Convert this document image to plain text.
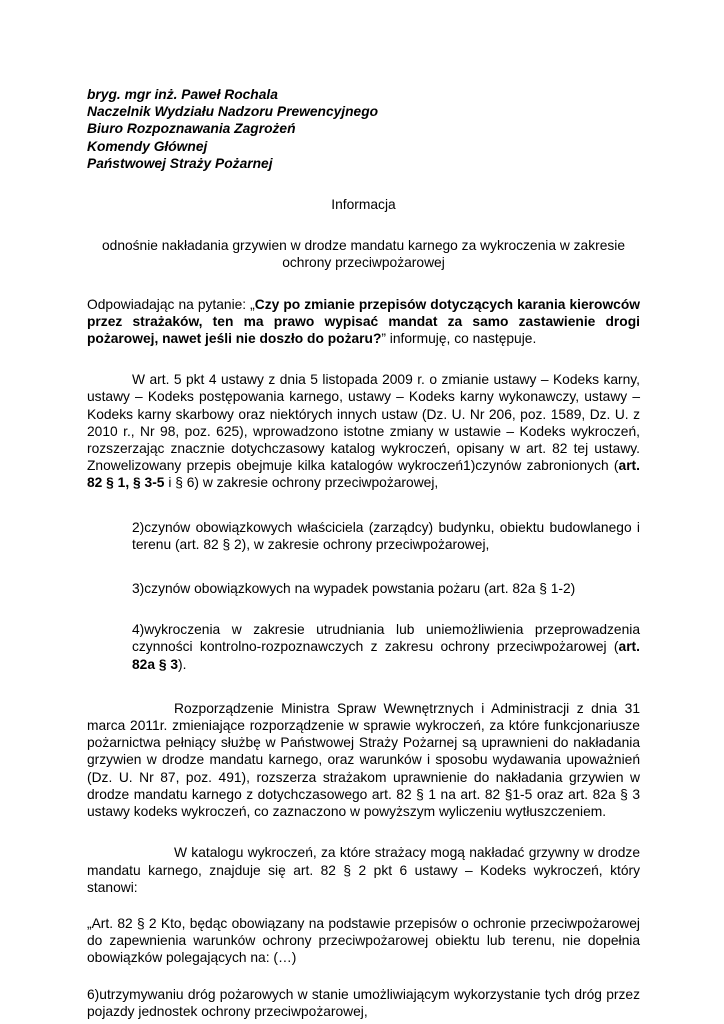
bryg. mgr inż. Paweł Rochala

Naczelnik Wydziału Nadzoru Prewencyjnego

Biuro Rozpoznawania Zagrożeń

Komendy Głównej

Państwowej Straży Pożarnej

Informacja

odnośnie nakładania grzywien w drodze mandatu karnego za wykroczenia w zakresie ochrony przeciwpożarowej

Odpowiadając na pytanie: „Czy po zmianie przepisów dotyczących karania kierowców przez strażaków, ten ma prawo wypisać mandat za samo zastawienie drogi pożarowej, nawet jeśli nie doszło do pożaru?” informuję, co następuje.

W art. 5 pkt 4 ustawy z dnia 5 listopada 2009 r. o zmianie ustawy – Kodeks karny, ustawy – Kodeks postępowania karnego, ustawy – Kodeks karny wykonawczy, ustawy – Kodeks karny skarbowy oraz niektórych innych ustaw (Dz. U. Nr 206, poz. 1589, Dz. U. z 2010 r., Nr 98, poz. 625), wprowadzono istotne zmiany w ustawie – Kodeks wykroczeń, rozszerzając znacznie dotychczasowy katalog wykroczeń, opisany w art. 82 tej ustawy. Znowelizowany przepis obejmuje kilka katalogów wykroczeń1)czynów zabronionych (art. 82 § 1, § 3-5 i § 6) w zakresie ochrony przeciwpożarowej,

2)czynów obowiązkowych właściciela (zarządcy) budynku, obiektu budowlanego i terenu (art. 82 § 2), w zakresie ochrony przeciwpożarowej,

3)czynów obowiązkowych na wypadek powstania pożaru (art. 82a § 1-2)

4)wykroczenia w zakresie utrudniania lub uniemożliwienia przeprowadzenia czynności kontrolno-rozpoznawczych z zakresu ochrony przeciwpożarowej (art. 82a § 3).

Rozporządzenie Ministra Spraw Wewnętrznych i Administracji z dnia 31 marca 2011r. zmieniające rozporządzenie w sprawie wykroczeń, za które funkcjonariusze pożarnictwa pełniący służbę w Państwowej Straży Pożarnej są uprawnieni do nakładania grzywien w drodze mandatu karnego, oraz warunków i sposobu wydawania upoważnień (Dz. U. Nr 87, poz. 491), rozszerza strażakom uprawnienie do nakładania grzywien w drodze mandatu karnego z dotychczasowego art. 82 § 1 na art. 82 §1-5 oraz art. 82a § 3 ustawy kodeks wykroczeń, co zaznaczono w powyższym wyliczeniu wytłuszczeniem.

W katalogu wykroczeń, za które strażacy mogą nakładać grzywny w drodze mandatu karnego, znajduje się art. 82 § 2 pkt 6 ustawy – Kodeks wykroczeń, który stanowi:

„Art. 82 § 2 Kto, będąc obowiązany na podstawie przepisów o ochronie przeciwpożarowej do zapewnienia warunków ochrony przeciwpożarowej obiektu lub terenu, nie dopełnia obowiązków polegających na: (…)

6)utrzymywaniu dróg pożarowych w stanie umożliwiającym wykorzystanie tych dróg przez pojazdy jednostek ochrony przeciwpożarowej,
